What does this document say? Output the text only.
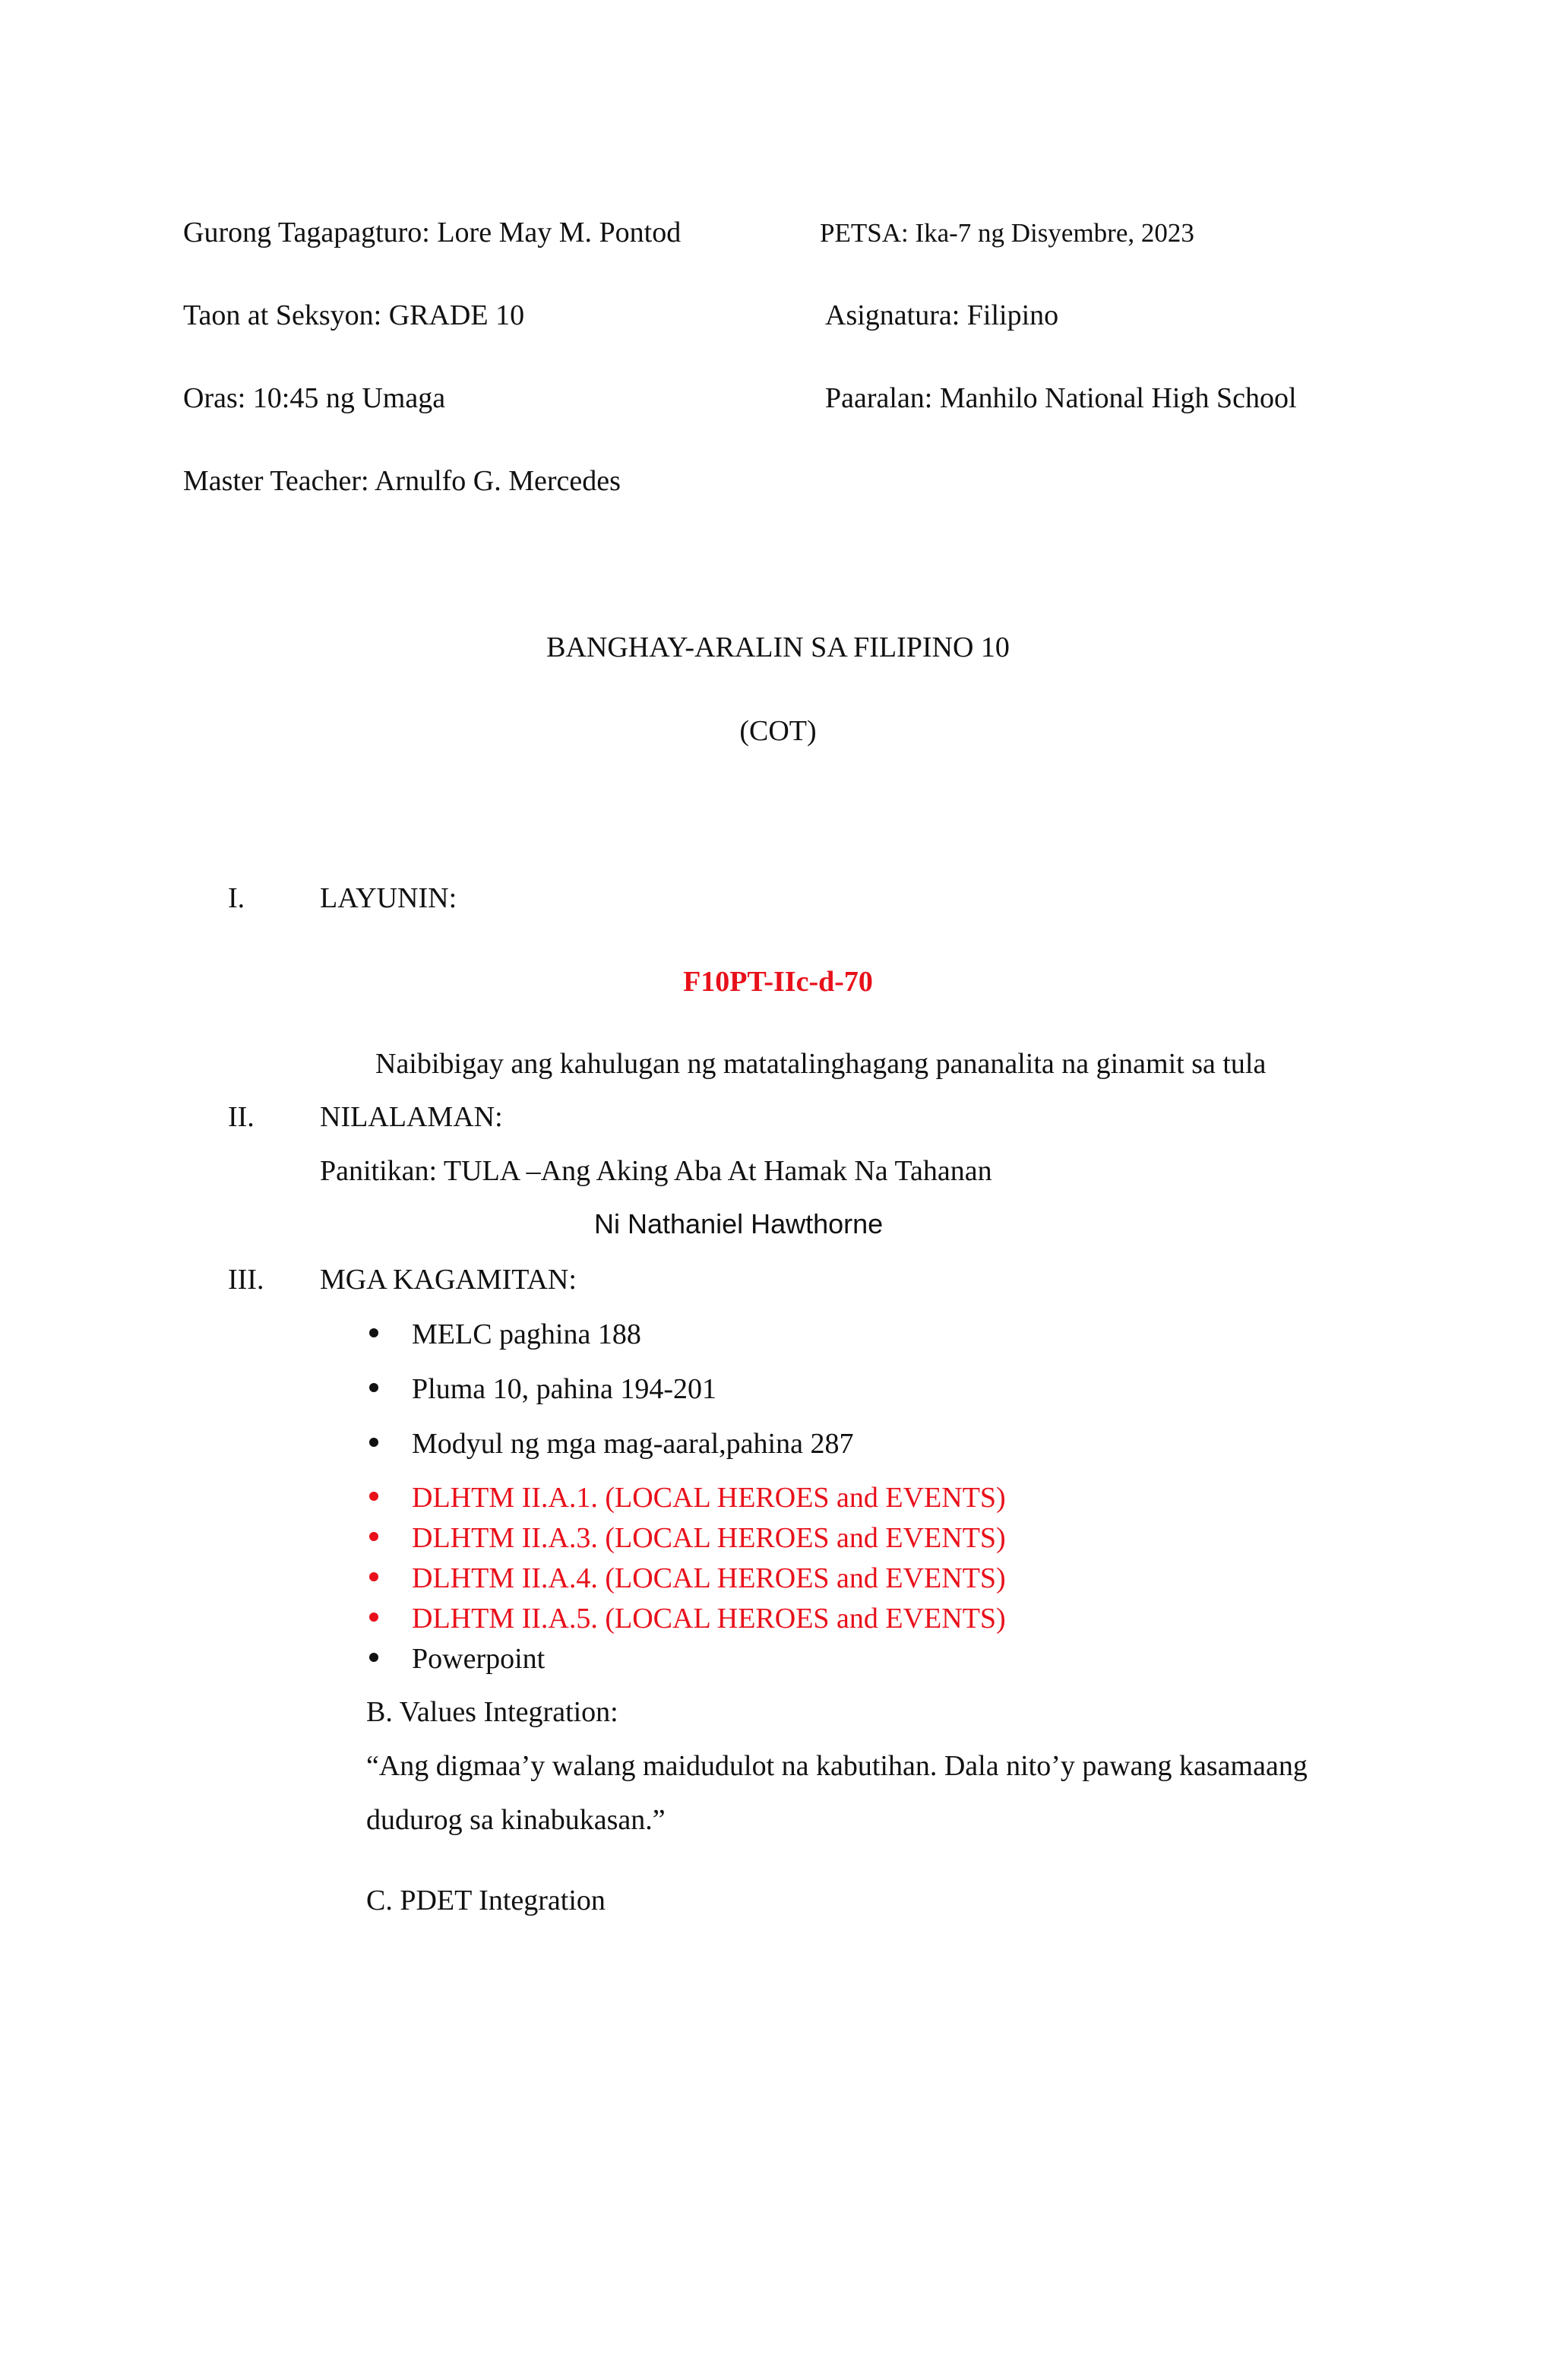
Gurong Tagapagturo: Lore May M. Pontod	PETSA: Ika-7 ng Disyembre, 2023
Taon at Seksyon: GRADE 10	Asignatura: Filipino
Oras: 10:45 ng Umaga	Paaralan: Manhilo National High School
Master Teacher: Arnulfo G. Mercedes
BANGHAY-ARALIN SA FILIPINO 10
(COT)
I.	LAYUNIN:
F10PT-IIc-d-70
Naibibigay ang kahulugan ng matatalinghagang pananalita na ginamit sa tula
II. NILALAMAN:
Panitikan: TULA –Ang Aking Aba At Hamak Na Tahanan
Ni Nathaniel Hawthorne
III. MGA KAGAMITAN:
MELC paghina 188
Pluma 10, pahina 194-201
Modyul ng mga mag-aaral,pahina 287
DLHTM II.A.1. (LOCAL HEROES and EVENTS)
DLHTM II.A.3. (LOCAL HEROES and EVENTS)
DLHTM II.A.4. (LOCAL HEROES and EVENTS)
DLHTM II.A.5. (LOCAL HEROES and EVENTS)
Powerpoint
B. Values Integration:
“Ang digmaa’y walang maidudulot na kabutihan. Dala nito’y pawang kasamaang
dudurog sa kinabukasan.”
C. PDET Integration
